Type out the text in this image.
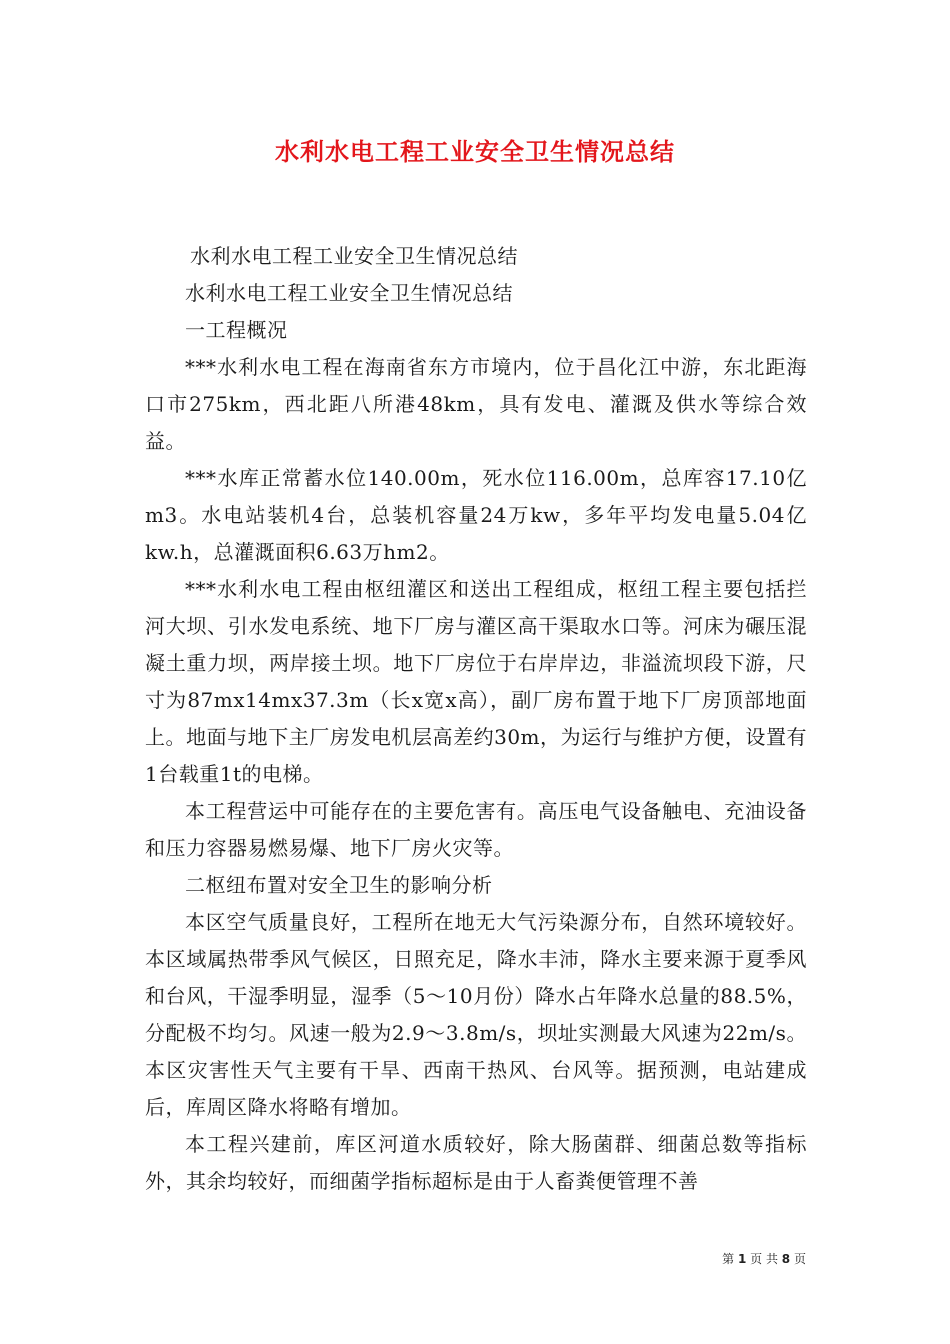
水利水电工程工业安全卫生情况总结

水利水电工程工业安全卫生情况总结

水利水电工程工业安全卫生情况总结

一工程概况

***水利水电工程在海南省东方市境内，位于昌化江中游，东北距海口市275km，西北距八所港48km，具有发电、灌溉及供水等综合效益。

***水库正常蓄水位140.00m，死水位116.00m，总库容17.10亿m3。水电站装机4台，总装机容量24万kw，多年平均发电量5.04亿kw.h，总灌溉面积6.63万hm2。

***水利水电工程由枢纽灌区和送出工程组成，枢纽工程主要包括拦河大坝、引水发电系统、地下厂房与灌区高干渠取水口等。河床为碾压混凝土重力坝，两岸接土坝。地下厂房位于右岸岸边，非溢流坝段下游，尺寸为87mx14mx37.3m（长x宽x高），副厂房布置于地下厂房顶部地面上。地面与地下主厂房发电机层高差约30m，为运行与维护方便，设置有1台载重1t的电梯。

本工程营运中可能存在的主要危害有。高压电气设备触电、充油设备和压力容器易燃易爆、地下厂房火灾等。

二枢纽布置对安全卫生的影响分析

本区空气质量良好，工程所在地无大气污染源分布，自然环境较好。本区域属热带季风气候区，日照充足，降水丰沛，降水主要来源于夏季风和台风，干湿季明显，湿季（5～10月份）降水占年降水总量的88.5%，分配极不均匀。风速一般为2.9～3.8m/s，坝址实测最大风速为22m/s。本区灾害性天气主要有干旱、西南干热风、台风等。据预测，电站建成后，库周区降水将略有增加。

本工程兴建前，库区河道水质较好，除大肠菌群、细菌总数等指标外，其余均较好，而细菌学指标超标是由于人畜粪便管理不善

第 1 页 共 8 页
